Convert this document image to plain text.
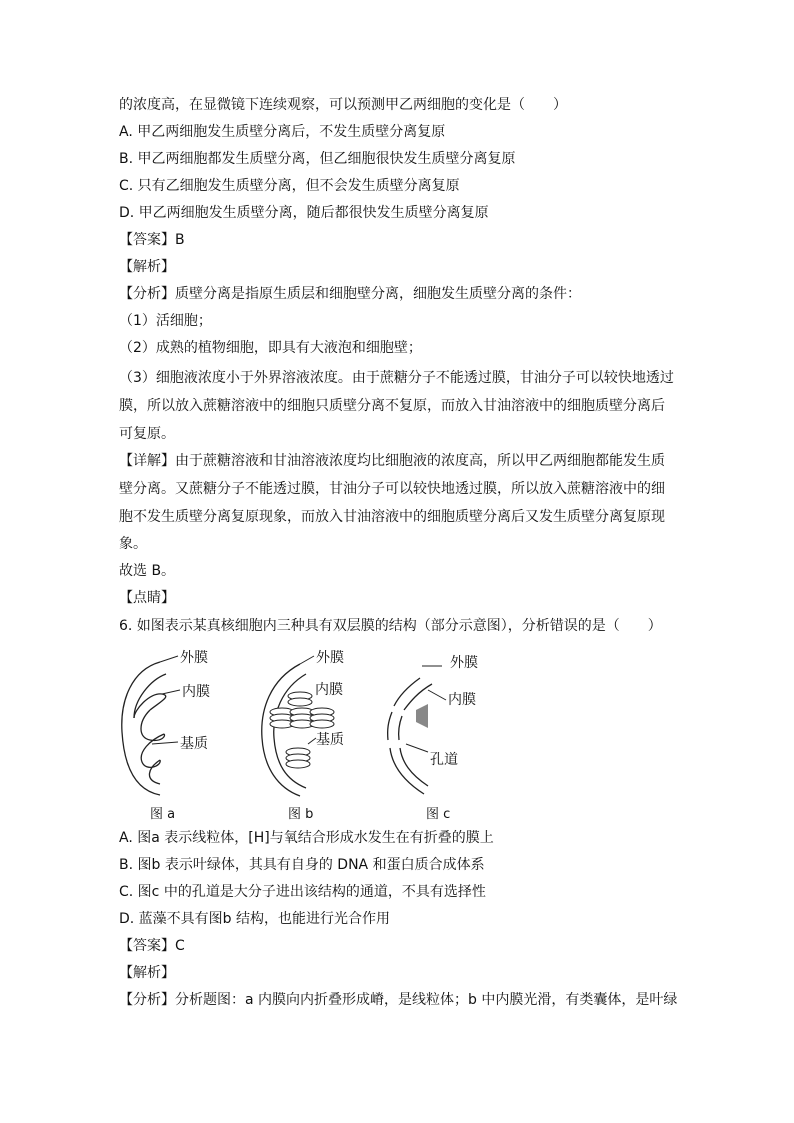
的浓度高，在显微镜下连续观察，可以预测甲乙两细胞的变化是（　　）
A. 甲乙两细胞发生质壁分离后，不发生质壁分离复原
B. 甲乙两细胞都发生质壁分离，但乙细胞很快发生质壁分离复原
C. 只有乙细胞发生质壁分离，但不会发生质壁分离复原
D. 甲乙两细胞发生质壁分离，随后都很快发生质壁分离复原
【答案】B
【解析】
【分析】质壁分离是指原生质层和细胞壁分离，细胞发生质壁分离的条件：
（1）活细胞；
（2）成熟的植物细胞，即具有大液泡和细胞壁；
（3）细胞液浓度小于外界溶液浓度。由于蔗糖分子不能透过膜，甘油分子可以较快地透过
膜，所以放入蔗糖溶液中的细胞只质壁分离不复原，而放入甘油溶液中的细胞质壁分离后
可复原。
【详解】由于蔗糖溶液和甘油溶液浓度均比细胞液的浓度高，所以甲乙两细胞都能发生质
壁分离。又蔗糖分子不能透过膜，甘油分子可以较快地透过膜，所以放入蔗糖溶液中的细
胞不发生质壁分离复原现象，而放入甘油溶液中的细胞质壁分离后又发生质壁分离复原现
象。
故选 B。
【点睛】
6. 如图表示某真核细胞内三种具有双层膜的结构（部分示意图），分析错误的是（　　）
外膜
内膜
基质
图 a
外膜
内膜
基质
图 b
外膜
内膜
孔道
图 c
A. 图a 表示线粒体，[H]与氧结合形成水发生在有折叠的膜上
B. 图b 表示叶绿体，其具有自身的 DNA 和蛋白质合成体系
C. 图c 中的孔道是大分子进出该结构的通道，不具有选择性
D. 蓝藻不具有图b 结构，也能进行光合作用
【答案】C
【解析】
【分析】分析题图：a 内膜向内折叠形成嵴，是线粒体；b 中内膜光滑，有类囊体，是叶绿
